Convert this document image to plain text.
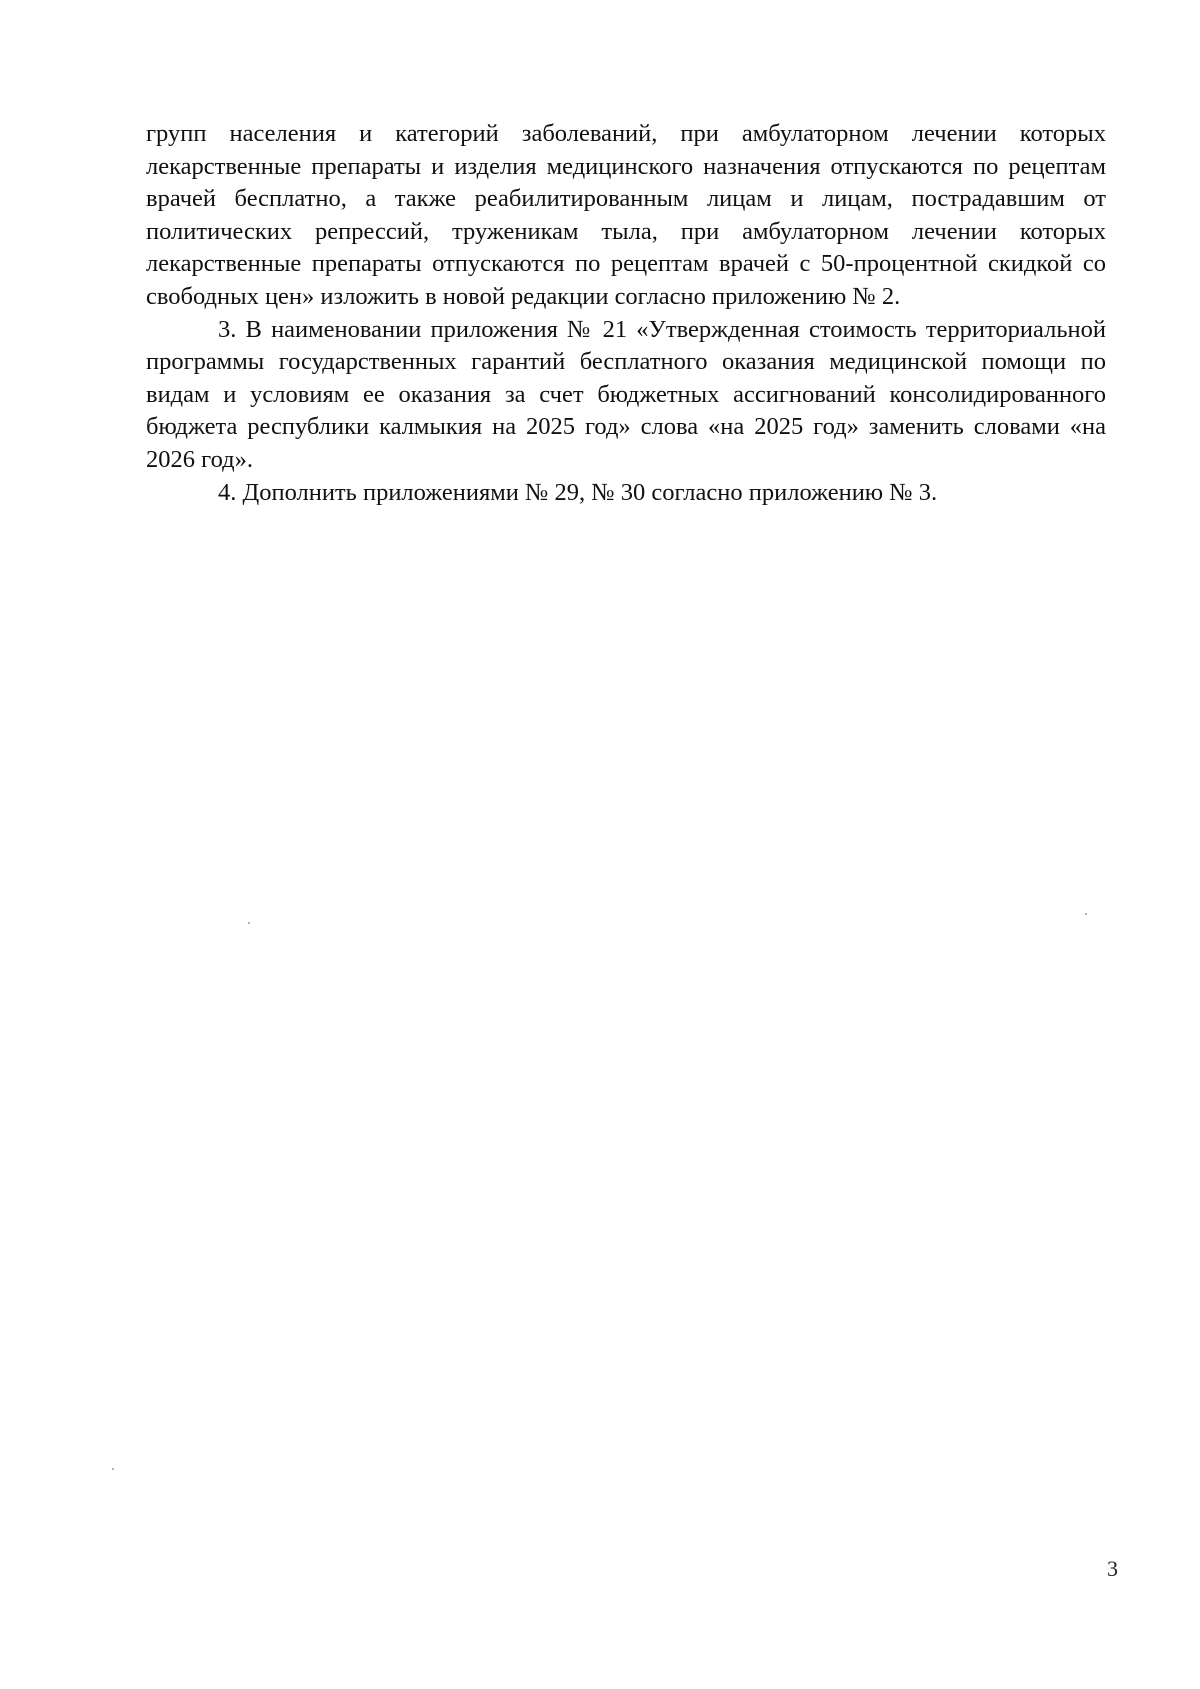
групп населения и категорий заболеваний, при амбулаторном лечении которых лекарственные препараты и изделия медицинского назначения отпускаются по рецептам врачей бесплатно, а также реабилитированным лицам и лицам, пострадавшим от политических репрессий, труженикам тыла, при амбулаторном лечении которых лекарственные препараты отпускаются по рецептам врачей с 50-процентной скидкой со свободных цен» изложить в новой редакции согласно приложению № 2.

3. В наименовании приложения № 21 «Утвержденная стоимость территориальной программы государственных гарантий бесплатного оказания медицинской помощи по видам и условиям ее оказания за счет бюджетных ассигнований консолидированного бюджета республики калмыкия на 2025 год» слова «на 2025 год» заменить словами «на 2026 год».

4. Дополнить приложениями № 29, № 30 согласно приложению № 3.

3
